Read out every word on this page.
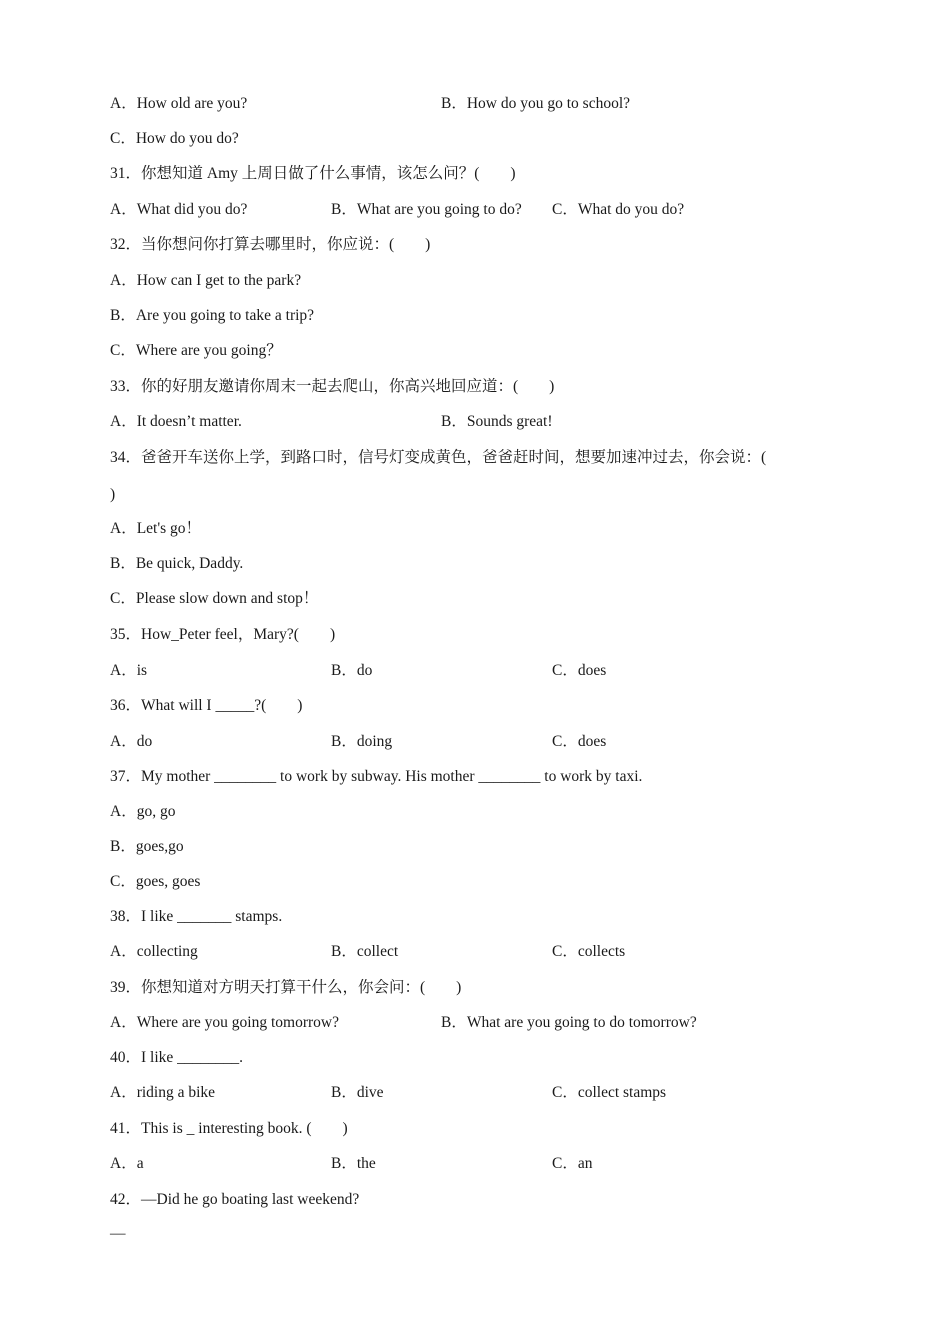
A．How old are you?	B．How do you go to school?
C．How do you do?
31．你想知道 Amy 上周日做了什么事情，该怎么问？(　　)
A．What did you do?	B．What are you going to do? C．What do you do?
32．当你想问你打算去哪里时，你应说：(　　)
A．How can I get to the park?
B．Are you going to take a trip?
C．Where are you going？
33．你的好朋友邀请你周末一起去爬山，你高兴地回应道：(　　)
A．It doesn’t matter.	B．Sounds great!
34．爸爸开车送你上学，到路口时，信号灯变成黄色，爸爸赶时间，想要加速冲过去，你会说：(
)
A．Let's go！
B．Be quick, Daddy.
C．Please slow down and stop！
35．How_Peter feel，Mary?(　　)
A．is	B．do	C．does
36．What will I _____?(　　)
A．do	B．doing	C．does
37．My mother ________ to work by subway. His mother ________ to work by taxi.
A．go, go
B．goes,go
C．goes, goes
38．I like _______ stamps.
A．collecting	B．collect	C．collects
39．你想知道对方明天打算干什么，你会问：(　　)
A．Where are you going tomorrow?	B．What are you going to do tomorrow?
40．I like ________.
A．riding a bike	B．dive	C．collect stamps
41．This is _ interesting book. (　　)
A．a	B．the	C．an
42．—Did he go boating last weekend?
—
